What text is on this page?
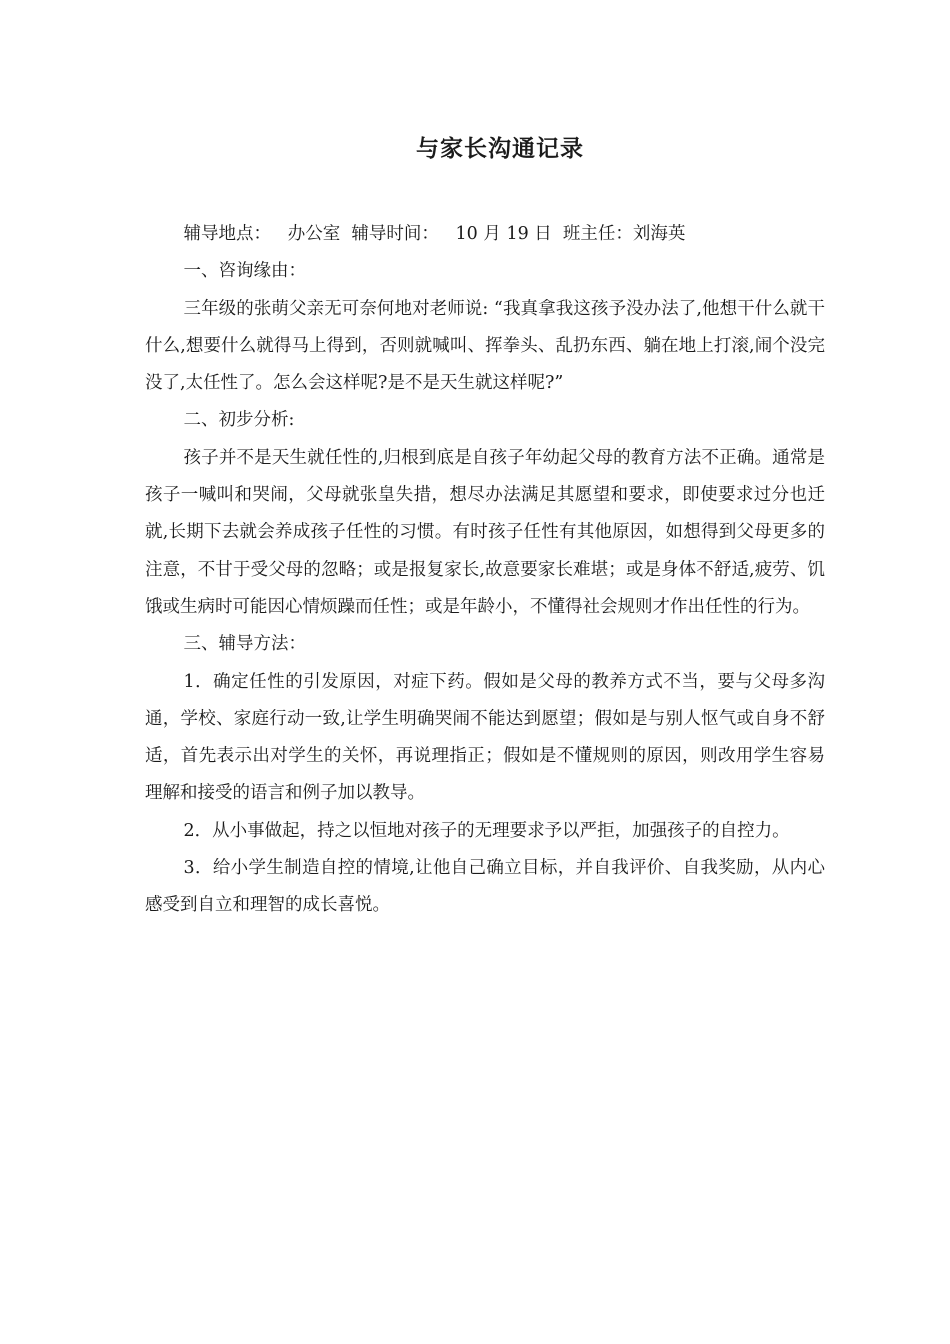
与家长沟通记录

辅导地点： 办公室 辅导时间： 10 月 19 日 班主任：刘海英

一、咨询缘由：

三年级的张萌父亲无可奈何地对老师说: “我真拿我这孩予没办法了,他想干什么就干什么,想要什么就得马上得到，否则就喊叫、挥拳头、乱扔东西、躺在地上打滚,闹个没完没了,太任性了。怎么会这样呢?是不是天生就这样呢?”

二、初步分析:

孩子并不是天生就任性的,归根到底是自孩子年幼起父母的教育方法不正确。通常是孩子一喊叫和哭闹，父母就张皇失措，想尽办法满足其愿望和要求，即使要求过分也迁就,长期下去就会养成孩子任性的习惯。有时孩子任性有其他原因，如想得到父母更多的注意，不甘于受父母的忽略；或是报复家长,故意要家长难堪；或是身体不舒适,疲劳、饥饿或生病时可能因心情烦躁而任性；或是年龄小，不懂得社会规则才作出任性的行为。

三、辅导方法：

1．确定任性的引发原因，对症下药。假如是父母的教养方式不当，要与父母多沟通，学校、家庭行动一致,让学生明确哭闹不能达到愿望；假如是与别人怄气或自身不舒适，首先表示出对学生的关怀，再说理指正；假如是不懂规则的原因，则改用学生容易理解和接受的语言和例子加以教导。

2．从小事做起，持之以恒地对孩子的无理要求予以严拒，加强孩子的自控力。

3．给小学生制造自控的情境,让他自己确立目标，并自我评价、自我奖励，从内心感受到自立和理智的成长喜悦。
